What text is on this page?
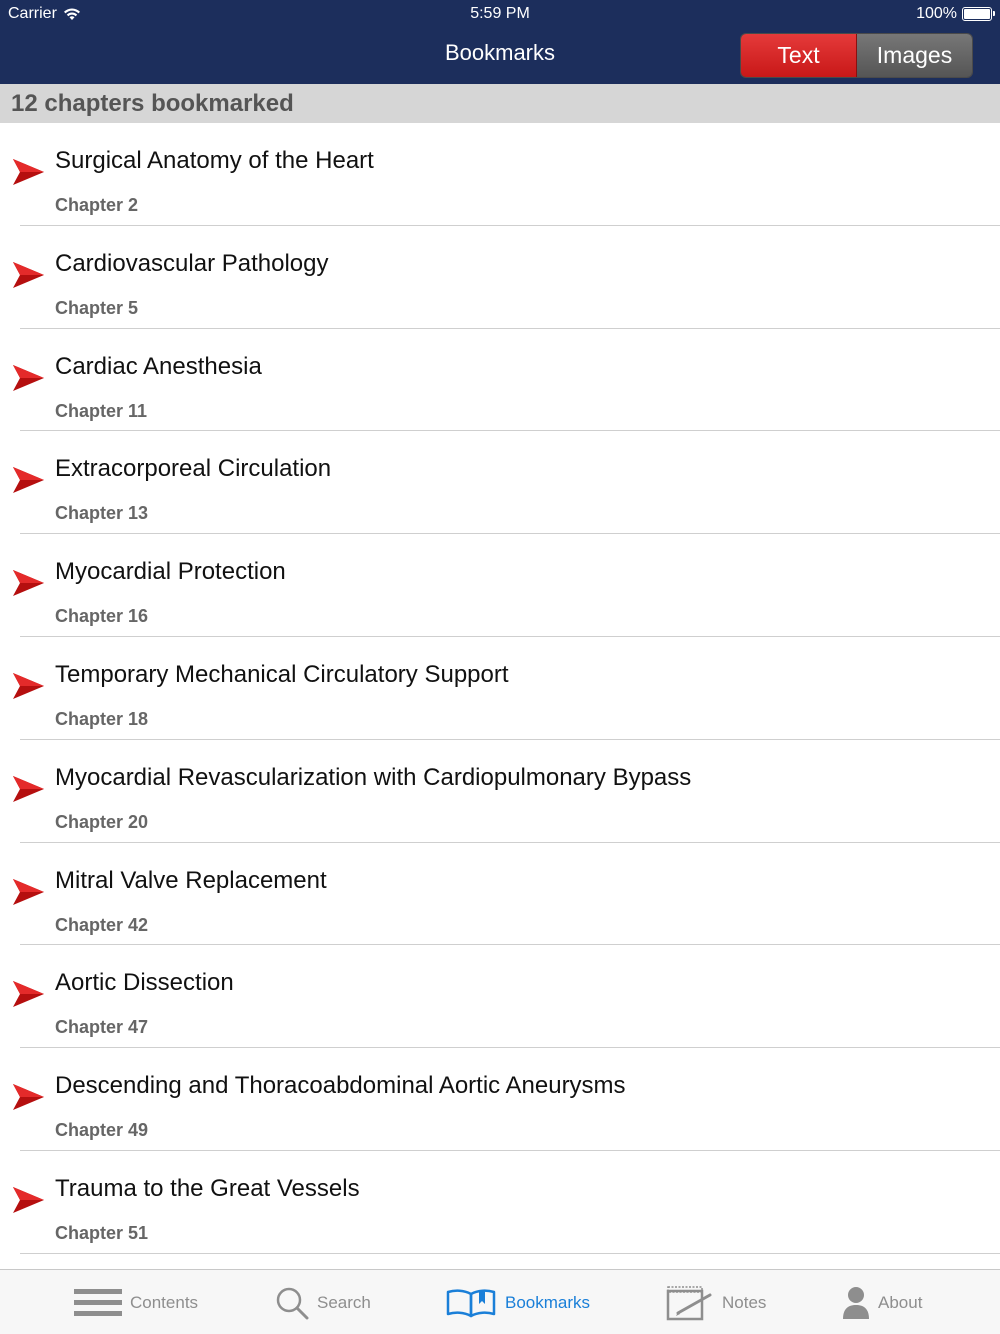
Carrier	5:59 PM	100%
Bookmarks	Text	Images
12 chapters bookmarked
Surgical Anatomy of the Heart
Chapter 2
Cardiovascular Pathology
Chapter 5
Cardiac Anesthesia
Chapter 11
Extracorporeal Circulation
Chapter 13
Myocardial Protection
Chapter 16
Temporary Mechanical Circulatory Support
Chapter 18
Myocardial Revascularization with Cardiopulmonary Bypass
Chapter 20
Mitral Valve Replacement
Chapter 42
Aortic Dissection
Chapter 47
Descending and Thoracoabdominal Aortic Aneurysms
Chapter 49
Trauma to the Great Vessels
Chapter 51
Contents	Search	Bookmarks	Notes	About
